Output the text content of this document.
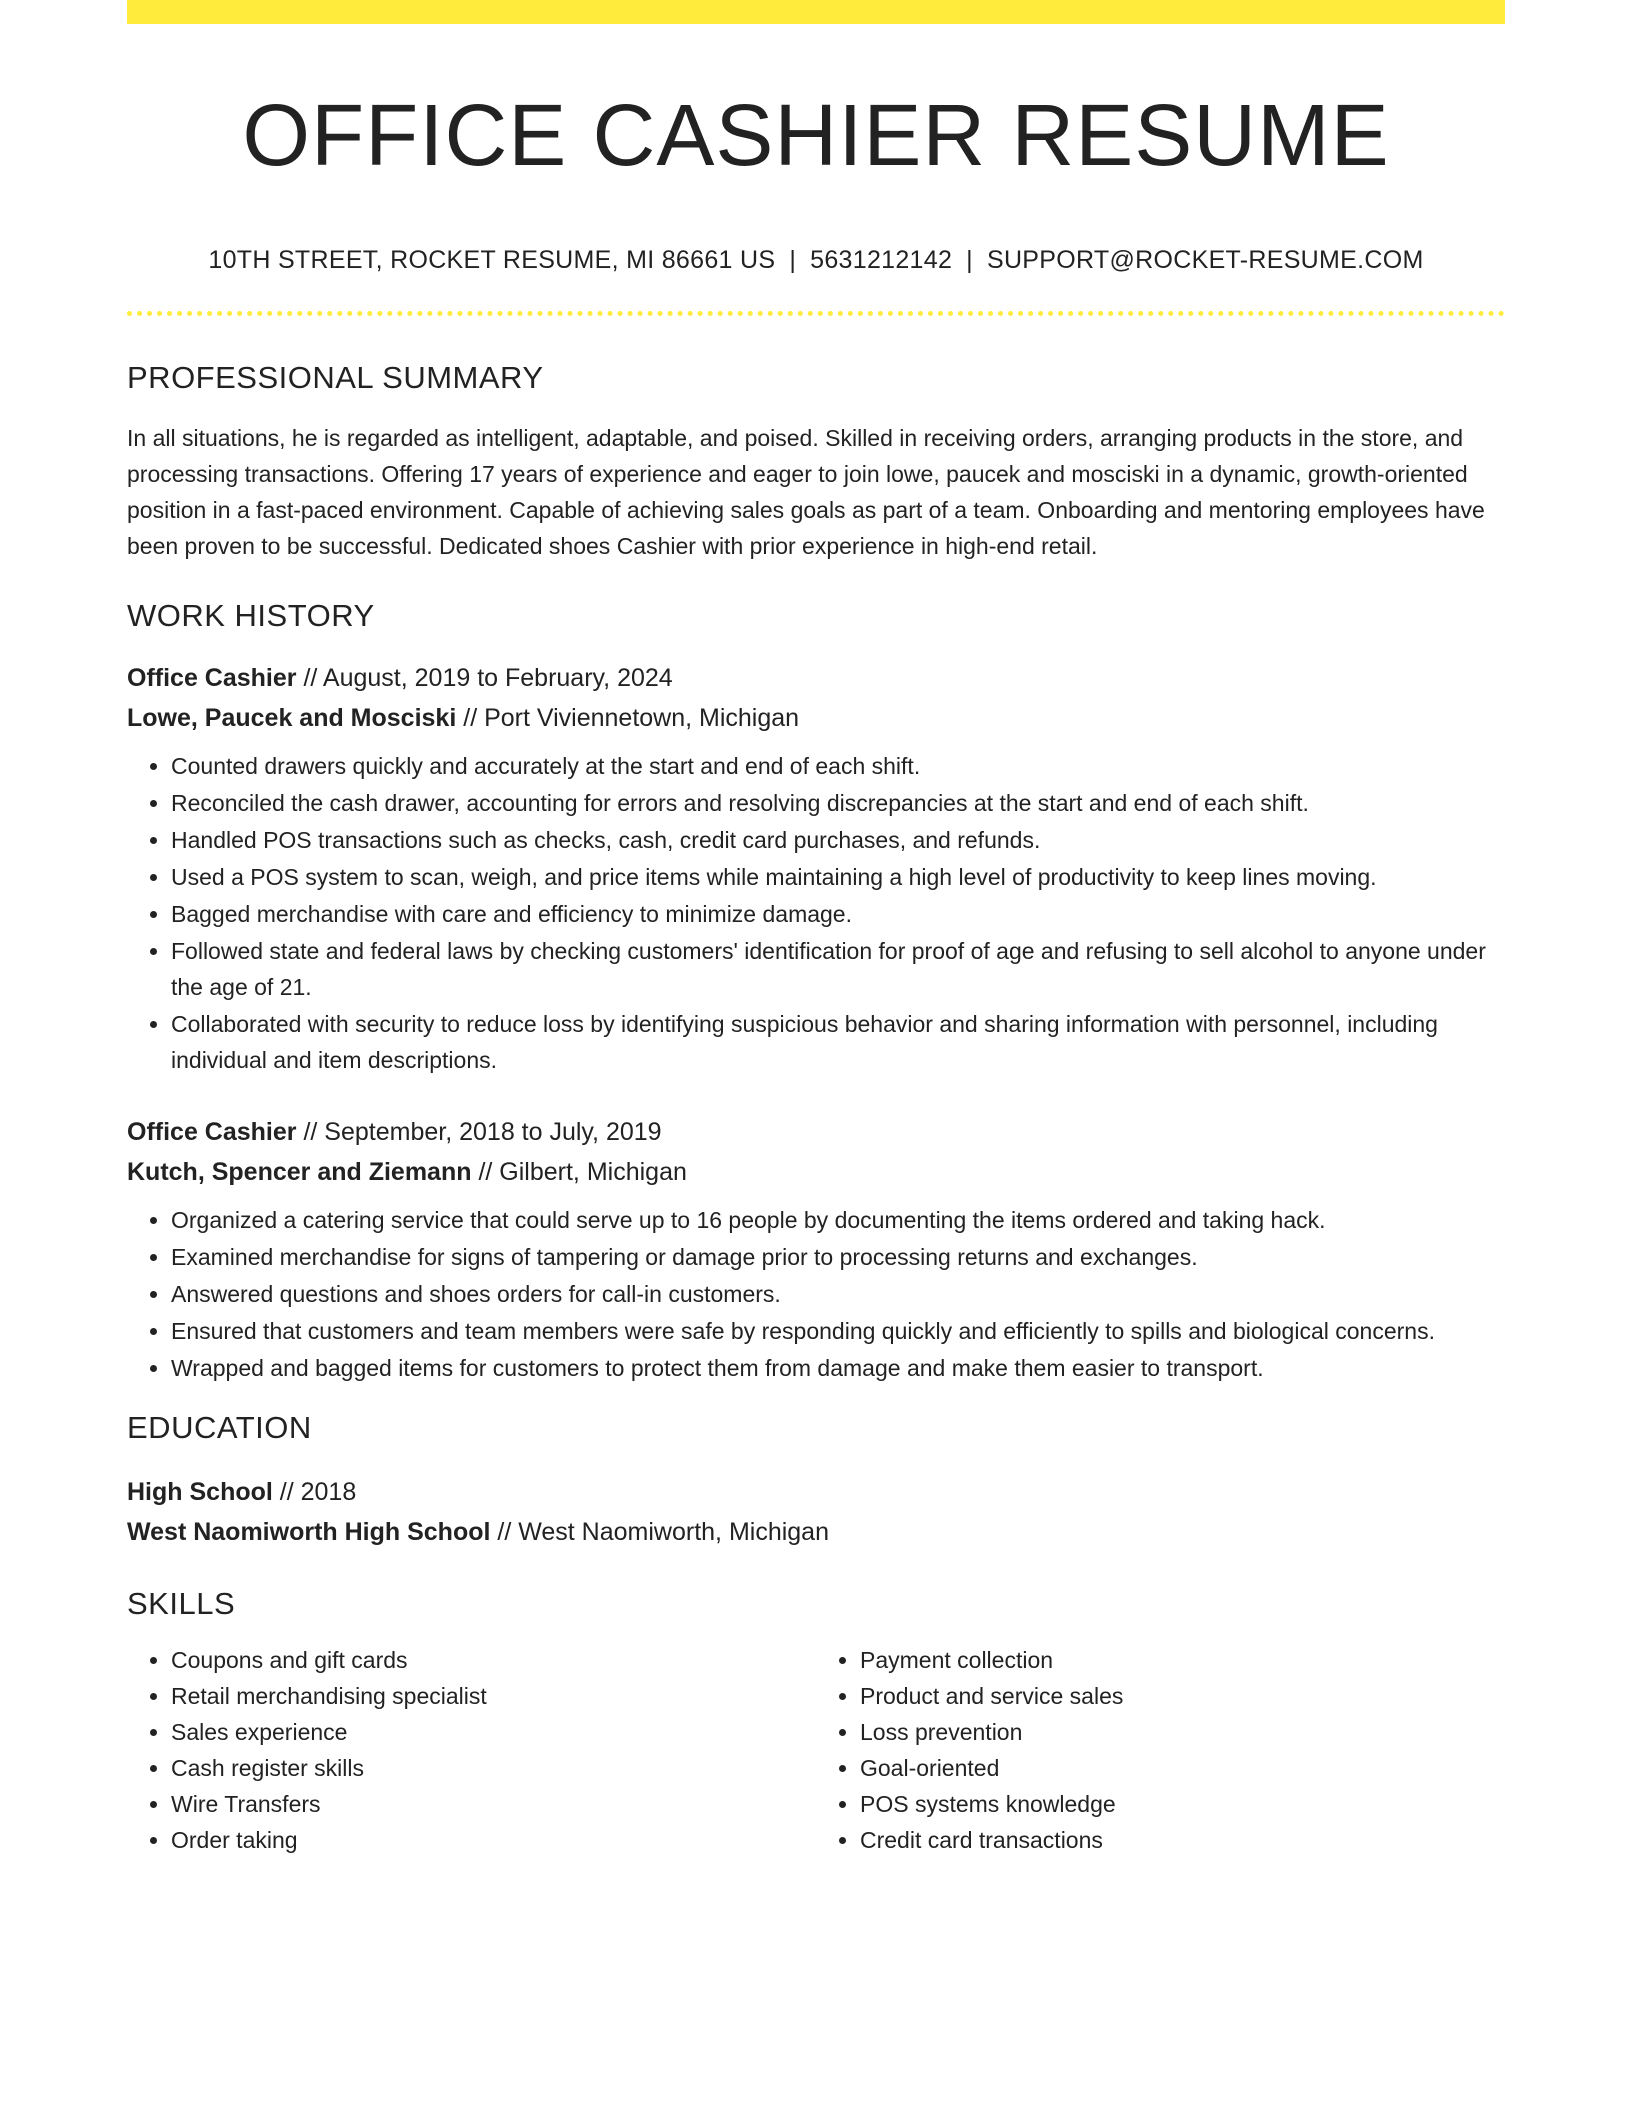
OFFICE CASHIER RESUME
10TH STREET, ROCKET RESUME, MI 86661 US | 5631212142 | SUPPORT@ROCKET-RESUME.COM
PROFESSIONAL SUMMARY
In all situations, he is regarded as intelligent, adaptable, and poised. Skilled in receiving orders, arranging products in the store, and processing transactions. Offering 17 years of experience and eager to join lowe, paucek and mosciski in a dynamic, growth-oriented position in a fast-paced environment. Capable of achieving sales goals as part of a team. Onboarding and mentoring employees have been proven to be successful. Dedicated shoes Cashier with prior experience in high-end retail.
WORK HISTORY
Office Cashier // August, 2019 to February, 2024
Lowe, Paucek and Mosciski // Port Viviennetown, Michigan
• Counted drawers quickly and accurately at the start and end of each shift.
• Reconciled the cash drawer, accounting for errors and resolving discrepancies at the start and end of each shift.
• Handled POS transactions such as checks, cash, credit card purchases, and refunds.
• Used a POS system to scan, weigh, and price items while maintaining a high level of productivity to keep lines moving.
• Bagged merchandise with care and efficiency to minimize damage.
• Followed state and federal laws by checking customers' identification for proof of age and refusing to sell alcohol to anyone under the age of 21.
• Collaborated with security to reduce loss by identifying suspicious behavior and sharing information with personnel, including individual and item descriptions.
Office Cashier // September, 2018 to July, 2019
Kutch, Spencer and Ziemann // Gilbert, Michigan
• Organized a catering service that could serve up to 16 people by documenting the items ordered and taking hack.
• Examined merchandise for signs of tampering or damage prior to processing returns and exchanges.
• Answered questions and shoes orders for call-in customers.
• Ensured that customers and team members were safe by responding quickly and efficiently to spills and biological concerns.
• Wrapped and bagged items for customers to protect them from damage and make them easier to transport.
EDUCATION
High School // 2018
West Naomiworth High School // West Naomiworth, Michigan
SKILLS
• Coupons and gift cards
• Retail merchandising specialist
• Sales experience
• Cash register skills
• Wire Transfers
• Order taking
• Payment collection
• Product and service sales
• Loss prevention
• Goal-oriented
• POS systems knowledge
• Credit card transactions
